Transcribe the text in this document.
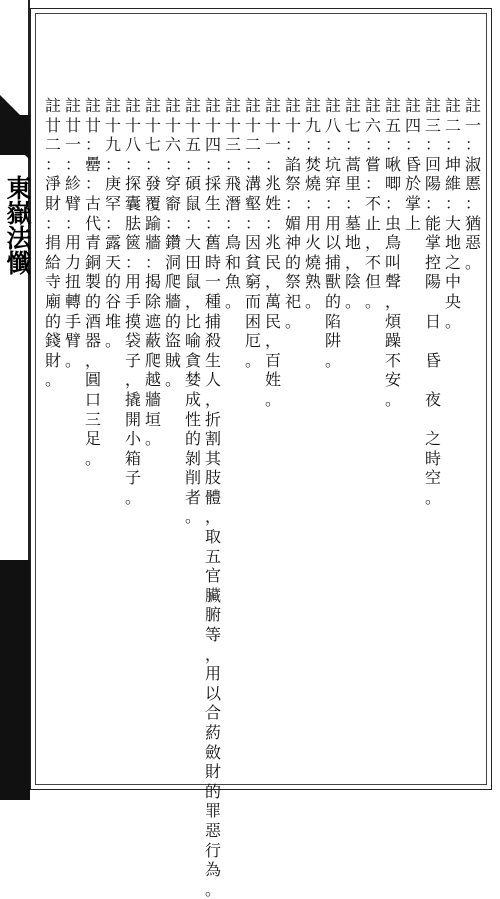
東嶽法懺
註
一
：
淑
慝
：
猶
惡
。
註
二
：
坤
維
：
大
地
之
中
央
。
註
三
：
回
陽
：
能
掌
控
陽

日

昏

夜

之
時
空
。
註
四
：
昏
於
掌
上
註
五
：
啾
唧
：
虫
鳥
叫
聲
，
煩
躁
不
安
。
註
六
：
嘗
：
不
止
，
不
但
。
註
七
：
蒿
里
：
墓
地
，
陰
。
註
八
：
坑
穽
：
用
以
捕
獸
的
陷
阱
。
註
九
：
焚
燒
：
用
火
燒
熟
。
註
十
：
諂
祭
：
媚
神
的
祭
祀
。
註
十
一
：
兆
姓
：
兆
民
，
萬
民
，
百
姓
。
註
十
二
：
溝
壑
：
因
貧
窮
而
困
厄
。
註
十
三
：
飛
潛
：
鳥
和
魚
。
註
十
四
：
採
生
：
舊
時
一
種
捕
殺
生
人
，
折
割
其
肢
體
，
取
五
官
臟
腑
等
，
用
以
合
葯
斂
財
的
罪
惡
行
為
。
註
十
五
：
碩
鼠
：
大
田
鼠
，
比
喻
貪
婪
成
性
的
剝
削
者
。
註
十
六
：
穿
窬
：
鑽
洞
爬
牆
的
盜
賊
。
註
十
七
：
發
覆
踰
牆
：
揭
除
遮
蔽
爬
越
牆
垣
。
註
十
八
：
探
囊
胠
篋
：
用
手
摸
袋
子
，
撬
開
小
箱
子
。
註
十
九
：
庚
罕
：
露
天
的
谷
堆
。
註
廿
：
罍
：
古
代
青
銅
製
的
酒
器
，
圓
口
三
足
。
註
廿
一
：
紾
臂
：
用
力
扭
轉
手
臂
。
註
廿
二
：
淨
財
：
捐
給
寺
廟
的
錢
財
。
